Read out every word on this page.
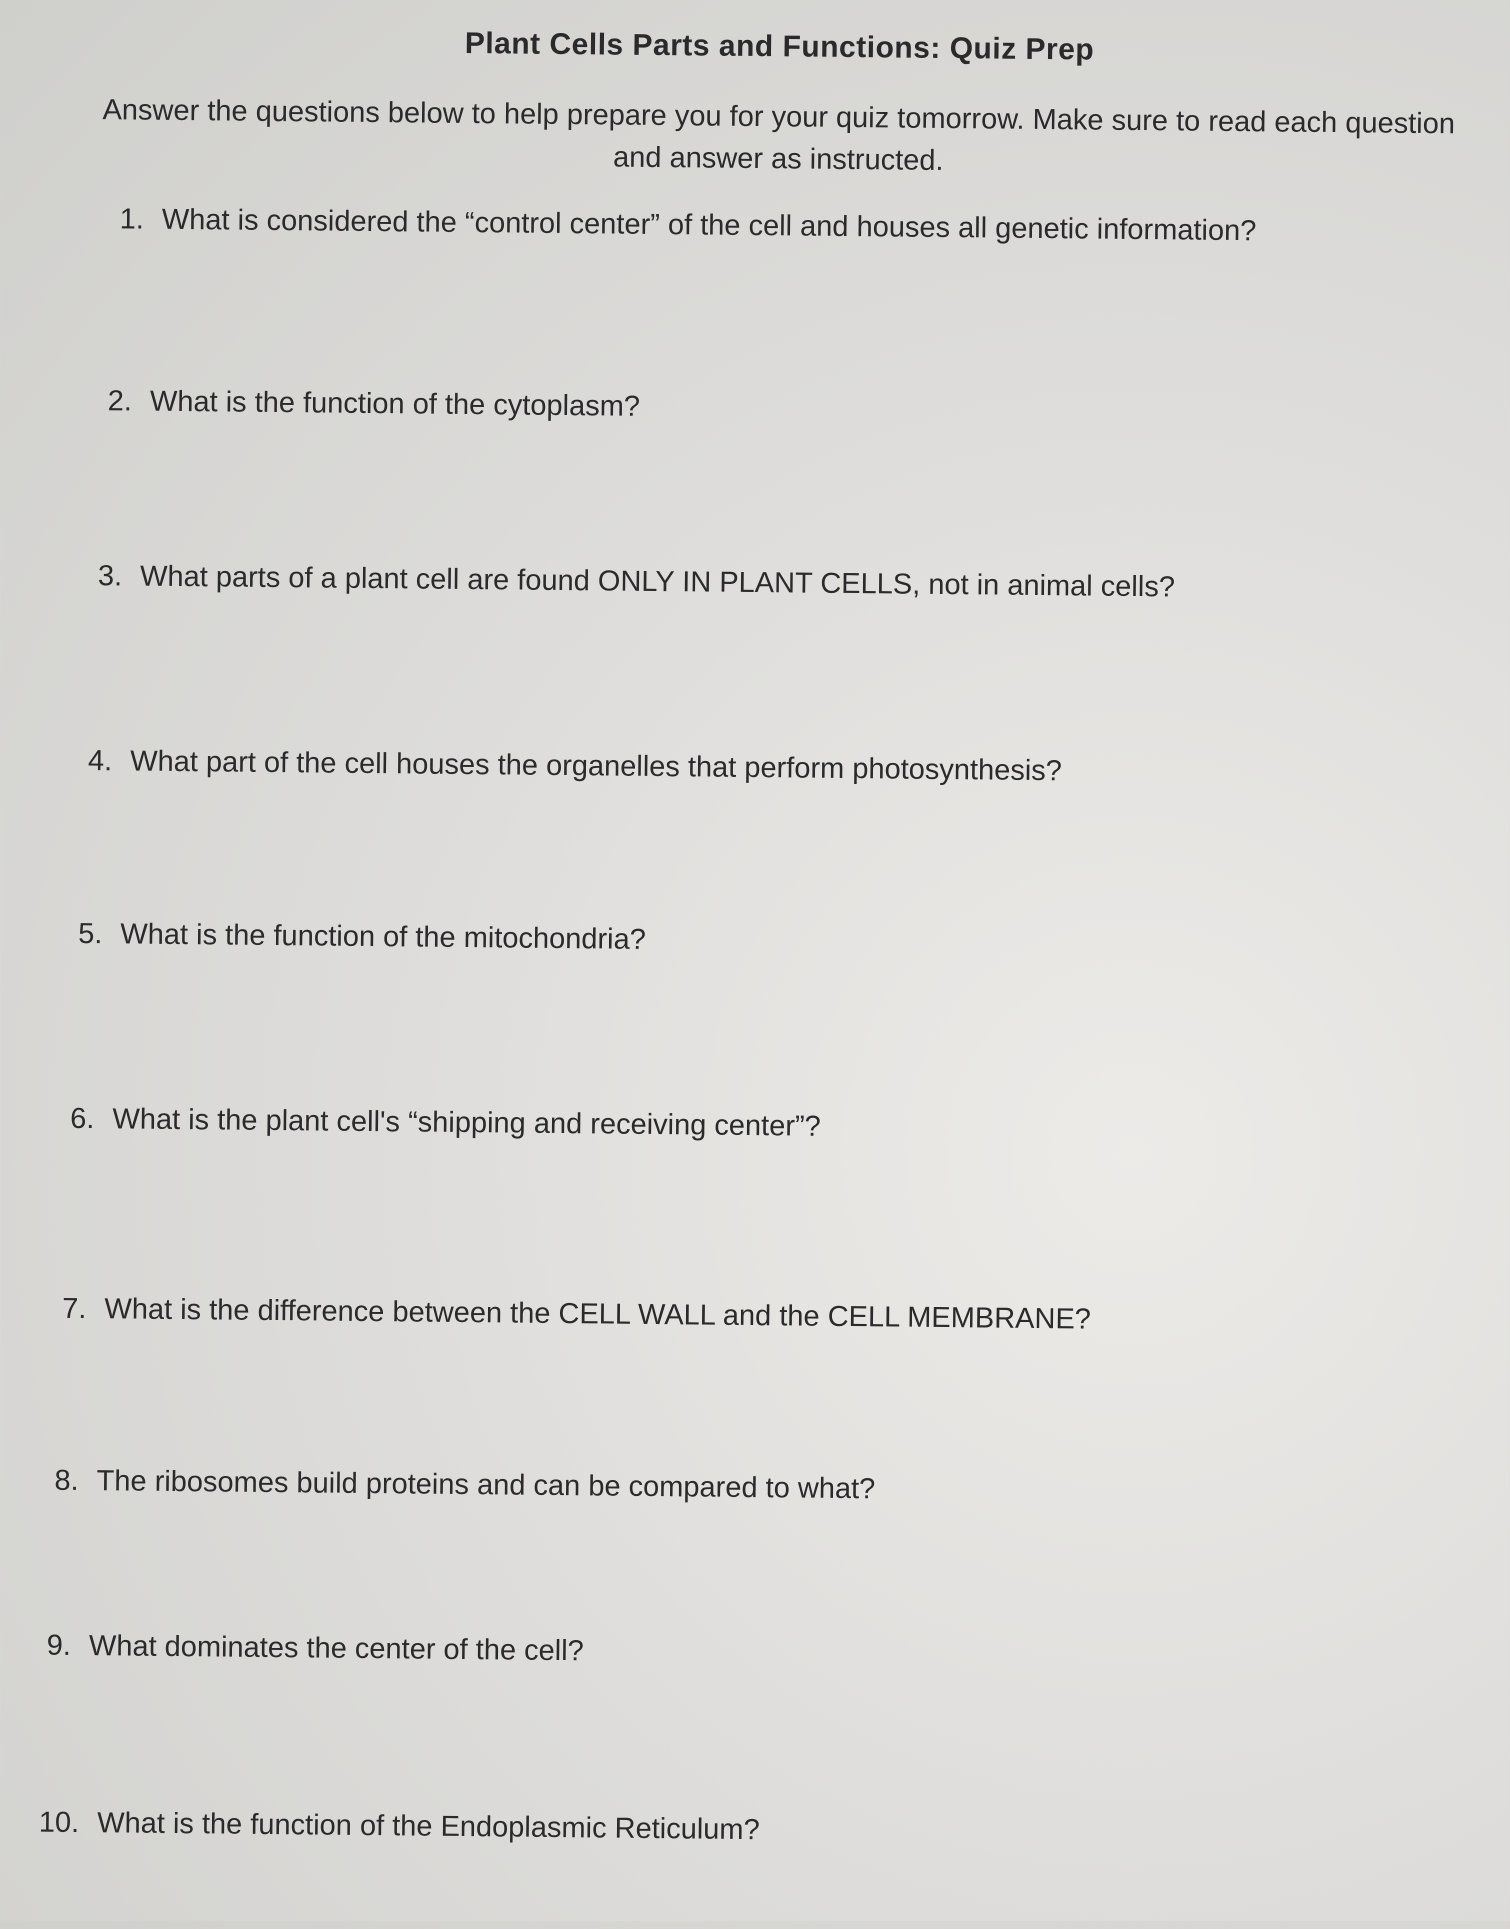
Plant Cells Parts and Functions: Quiz Prep
Answer the questions below to help prepare you for your quiz tomorrow. Make sure to read each question and answer as instructed.
1. What is considered the “control center” of the cell and houses all genetic information?
2. What is the function of the cytoplasm?
3. What parts of a plant cell are found ONLY IN PLANT CELLS, not in animal cells?
4. What part of the cell houses the organelles that perform photosynthesis?
5. What is the function of the mitochondria?
6. What is the plant cell's “shipping and receiving center”?
7. What is the difference between the CELL WALL and the CELL MEMBRANE?
8. The ribosomes build proteins and can be compared to what?
9. What dominates the center of the cell?
10. What is the function of the Endoplasmic Reticulum?
